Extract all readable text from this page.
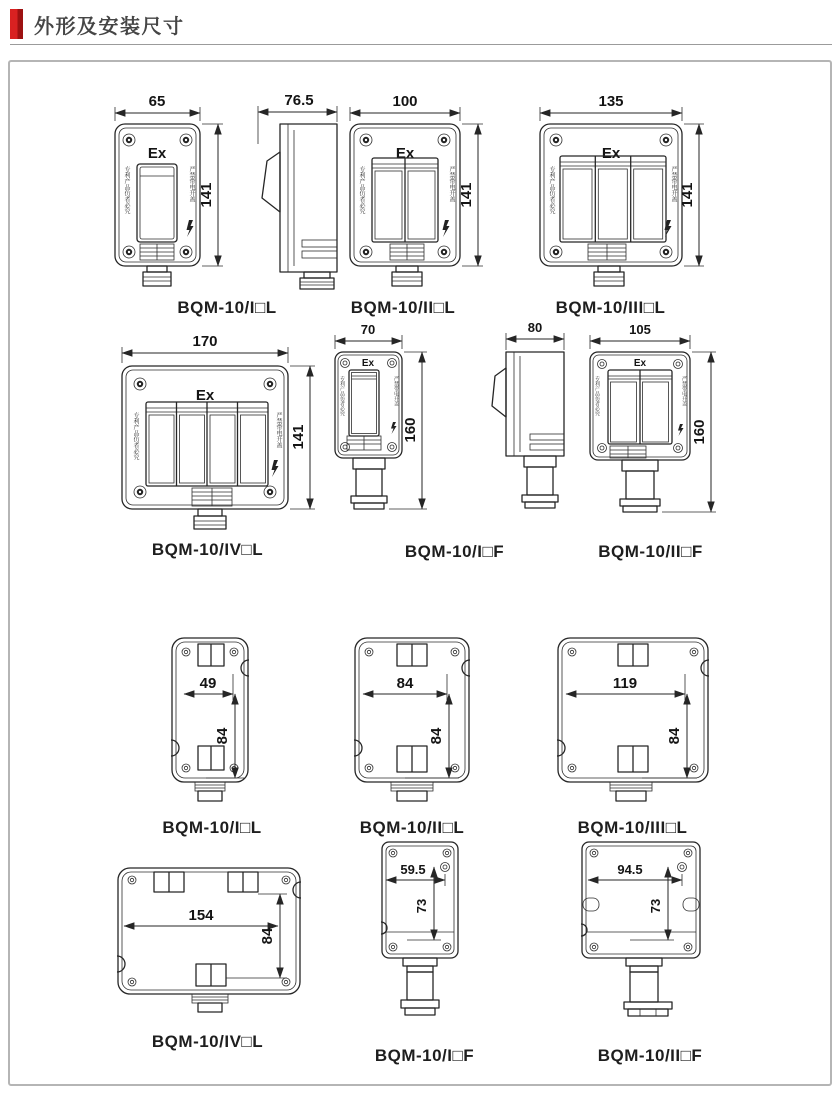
外形及安装尺寸
65
Ex
专利产品仿者必究	严禁带电开盖 141
76.5
BQM-10/I□L
100
Ex
专利产品仿者必究	严禁带电开盖 141
BQM-10/II□L
135
Ex
专利产品仿者必究	严禁带电开盖 141
BQM-10/III□L
170
Ex
专利产品仿者必究	严禁带电开盖 141
BQM-10/IV□L
70
Ex
专利产品仿者必究	严禁带电开盖
160
80
BQM-10/I□F
105
Ex
专利产品仿者必究	严禁带电开盖
160
BQM-10/II□F
49
84
BQM-10/I□L
84
84
BQM-10/II□L
119
84
BQM-10/III□L
154
84
BQM-10/IV□L
59.5
73
BQM-10/I□F
94.5
73
BQM-10/II□F
